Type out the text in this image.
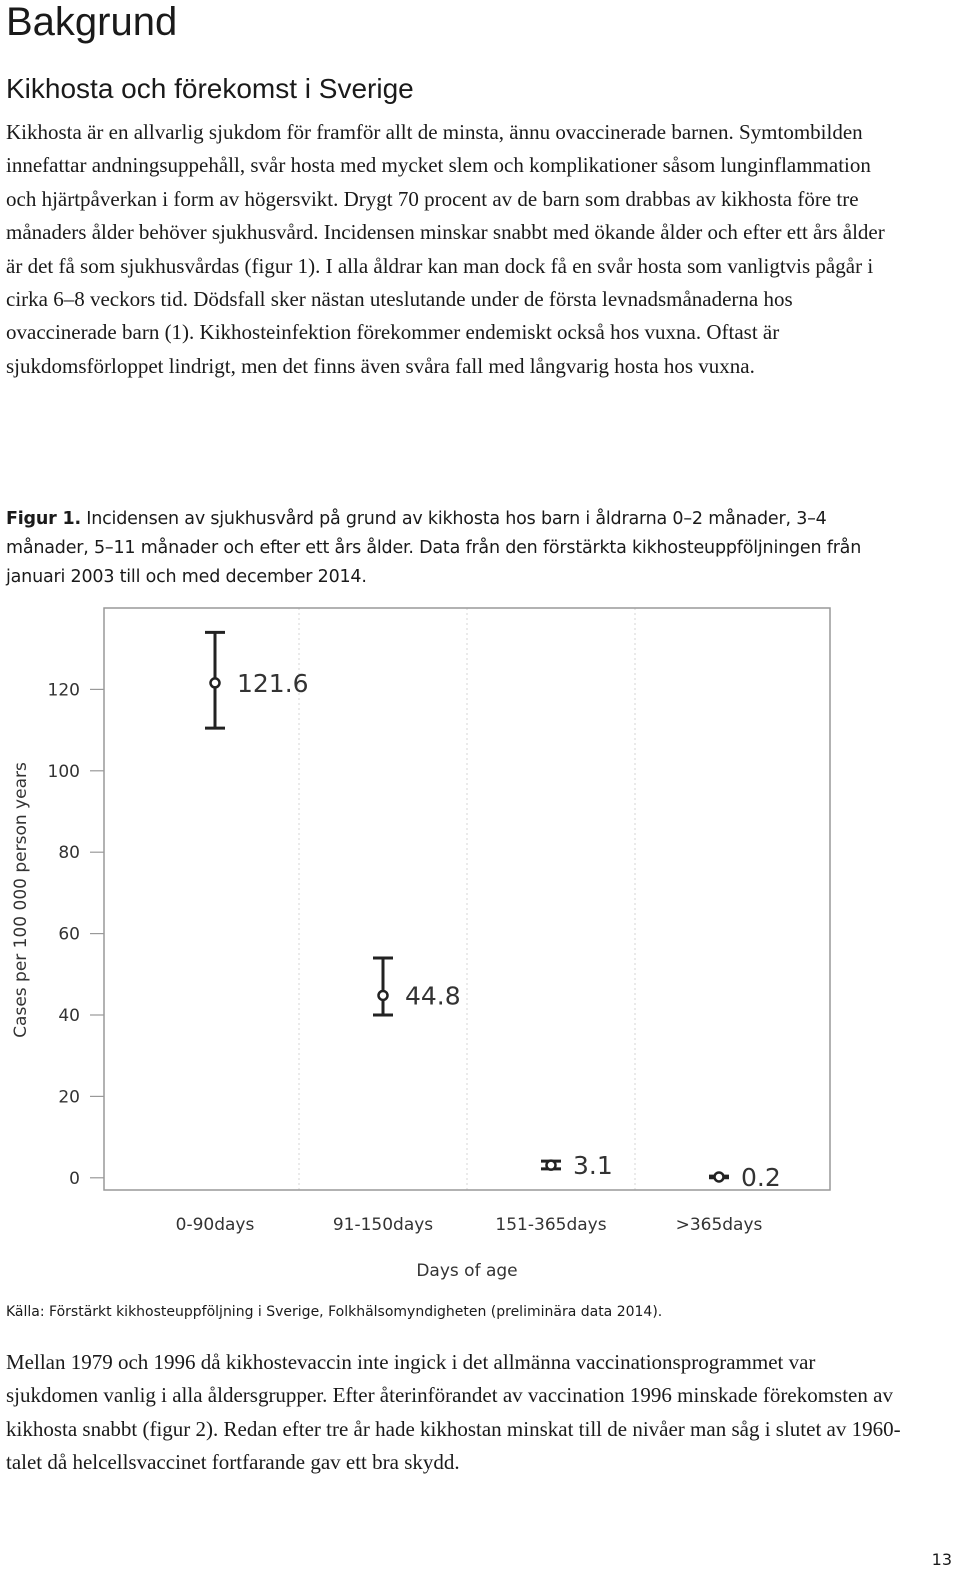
Bakgrund
Kikhosta och förekomst i Sverige

Kikhosta är en allvarlig sjukdom för framför allt de minsta, ännu ovaccinerade barnen. Symtombilden innefattar andningsuppehåll, svår hosta med mycket slem och komplikationer såsom lunginflammation och hjärtpåverkan i form av högersvikt. Drygt 70 procent av de barn som drabbas av kikhosta före tre månaders ålder behöver sjukhusvård. Incidensen minskar snabbt med ökande ålder och efter ett års ålder är det få som sjukhusvårdas (figur 1). I alla åldrar kan man dock få en svår hosta som vanligtvis pågår i cirka 6–8 veckors tid. Dödsfall sker nästan uteslutande under de första levnadsmånaderna hos ovaccinerade barn (1). Kikhosteinfektion förekommer endemiskt också hos vuxna. Oftast är sjukdomsförloppet lindrigt, men det finns även svåra fall med långvarig hosta hos vuxna.

Figur 1. Incidensen av sjukhusvård på grund av kikhosta hos barn i åldrarna 0–2 månader, 3–4 månader, 5–11 månader och efter ett års ålder. Data från den förstärkta kikhosteuppföljningen från januari 2003 till och med december 2014.

0
20
40
60
80
100
120
0-90days	91-150days	151-365days	>365days
121.6
44.8
3.1	0.2
Cases per 100 000 person years
Days of age

Källa: Förstärkt kikhosteuppföljning i Sverige, Folkhälsomyndigheten (preliminära data 2014).

Mellan 1979 och 1996 då kikhostevaccin inte ingick i det allmänna vaccinationsprogrammet var sjukdomen vanlig i alla åldersgrupper. Efter återinförandet av vaccination 1996 minskade förekomsten av kikhosta snabbt (figur 2). Redan efter tre år hade kikhostan minskat till de nivåer man såg i slutet av 1960-talet då helcellsvaccinet fortfarande gav ett bra skydd.

13
